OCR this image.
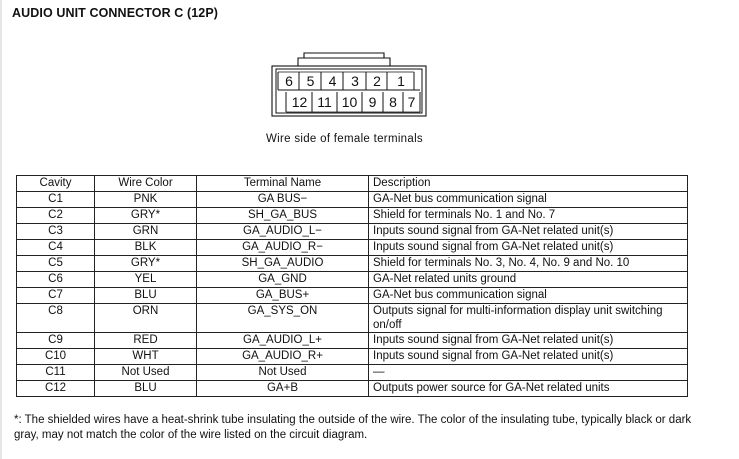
AUDIO UNIT CONNECTOR C (12P)
6 5	4	3	2	1
12 11 10 9 8 7
Wire side of female terminals
Cavity	Wire Color	Terminal Name	Description
C1	PNK	GA BUS−	GA-Net bus communication signal
C2	GRY*	SH_GA_BUS	Shield for terminals No. 1 and No. 7
C3	GRN	GA_AUDIO_L−	Inputs sound signal from GA-Net related unit(s)
C4	BLK	GA_AUDIO_R−	Inputs sound signal from GA-Net related unit(s)
C5	GRY*	SH_GA_AUDIO	Shield for terminals No. 3, No. 4, No. 9 and No. 10
C6	YEL	GA_GND	GA-Net related units ground
C7	BLU	GA_BUS+	GA-Net bus communication signal
C8	ORN	GA_SYS_ON	Outputs signal for multi-information display unit switching on/off
C9	RED	GA_AUDIO_L+	Inputs sound signal from GA-Net related unit(s)
C10	WHT	GA_AUDIO_R+	Inputs sound signal from GA-Net related unit(s)
C11	Not Used	Not Used	—
C12	BLU	GA+B	Outputs power source for GA-Net related units
*: The shielded wires have a heat-shrink tube insulating the outside of the wire. The color of the insulating tube, typically black or dark gray, may not match the color of the wire listed on the circuit diagram.
